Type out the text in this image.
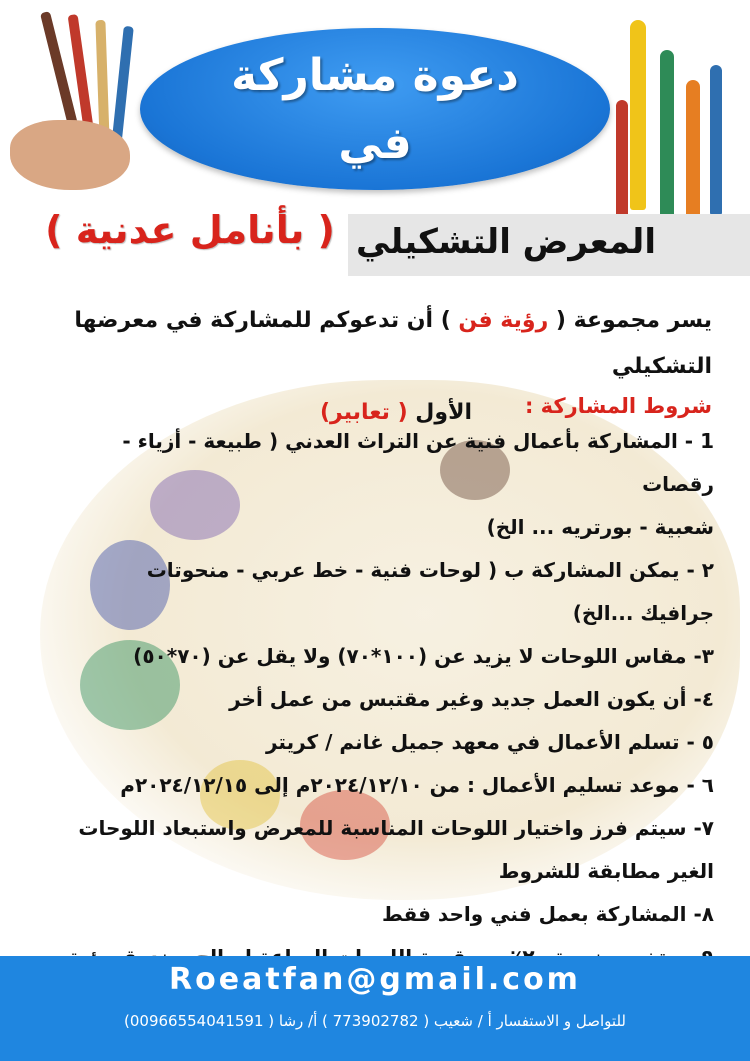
دعوة مشاركة
في
المعرض التشكيلي
( بأنامل عدنية )
يسر مجموعة ( رؤية فن ) أن تدعوكم للمشاركة في معرضها التشكيلي
الأول ( تعابير)	شروط المشاركة :
1 - المشاركة بأعمال فنية عن التراث العدني ( طبيعة - أزياء - رقصات
شعبية - بورتريه ... الخ)
٢ - يمكن المشاركة ب ( لوحات فنية - خط عربي - منحوتات
جرافيك ...الخ)
٣- مقاس اللوحات لا يزيد عن (١٠٠*٧٠) ولا يقل عن (٧٠*٥٠)
٤- أن يكون العمل جديد وغير مقتبس من عمل أخر
٥ - تسلم الأعمال في معهد جميل غانم / كريتر
٦ - موعد تسليم الأعمال : من ٢٠٢٤/١٢/١٠م إلى ٢٠٢٤/١٢/١٥م
٧- سيتم فرز واختيار اللوحات المناسبة للمعرض واستبعاد اللوحات
الغير مطابقة للشروط
٨- المشاركة بعمل فني واحد فقط
Roeatfan@gmail.com
للتواصل و الاستفسار أ / شعيب ( 773902782 ) أ/ رشا ( 00966554041591)
